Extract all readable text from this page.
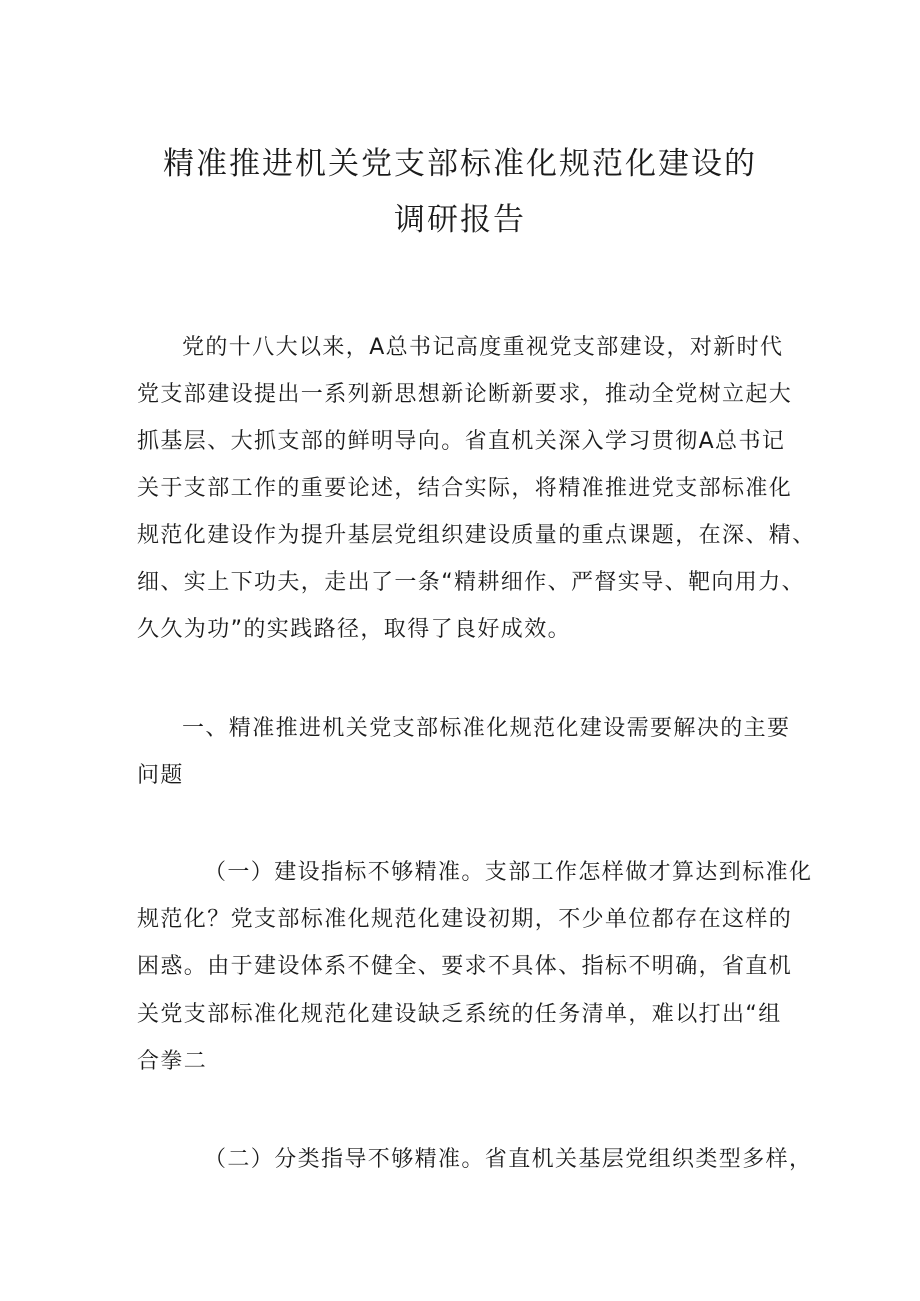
精准推进机关党支部标准化规范化建设的
调研报告
党的十八大以来，A总书记高度重视党支部建设，对新时代
党支部建设提出一系列新思想新论断新要求，推动全党树立起大
抓基层、大抓支部的鲜明导向。省直机关深入学习贯彻A总书记
关于支部工作的重要论述，结合实际，将精准推进党支部标准化
规范化建设作为提升基层党组织建设质量的重点课题，在深、精、
细、实上下功夫，走出了一条“精耕细作、严督实导、靶向用力、
久久为功”的实践路径，取得了良好成效。
一、精准推进机关党支部标准化规范化建设需要解决的主要
问题
（一）建设指标不够精准。支部工作怎样做才算达到标准化
规范化？党支部标准化规范化建设初期，不少单位都存在这样的
困惑。由于建设体系不健全、要求不具体、指标不明确，省直机
关党支部标准化规范化建设缺乏系统的任务清单，难以打出“组
合拳二
（二）分类指导不够精准。省直机关基层党组织类型多样，
